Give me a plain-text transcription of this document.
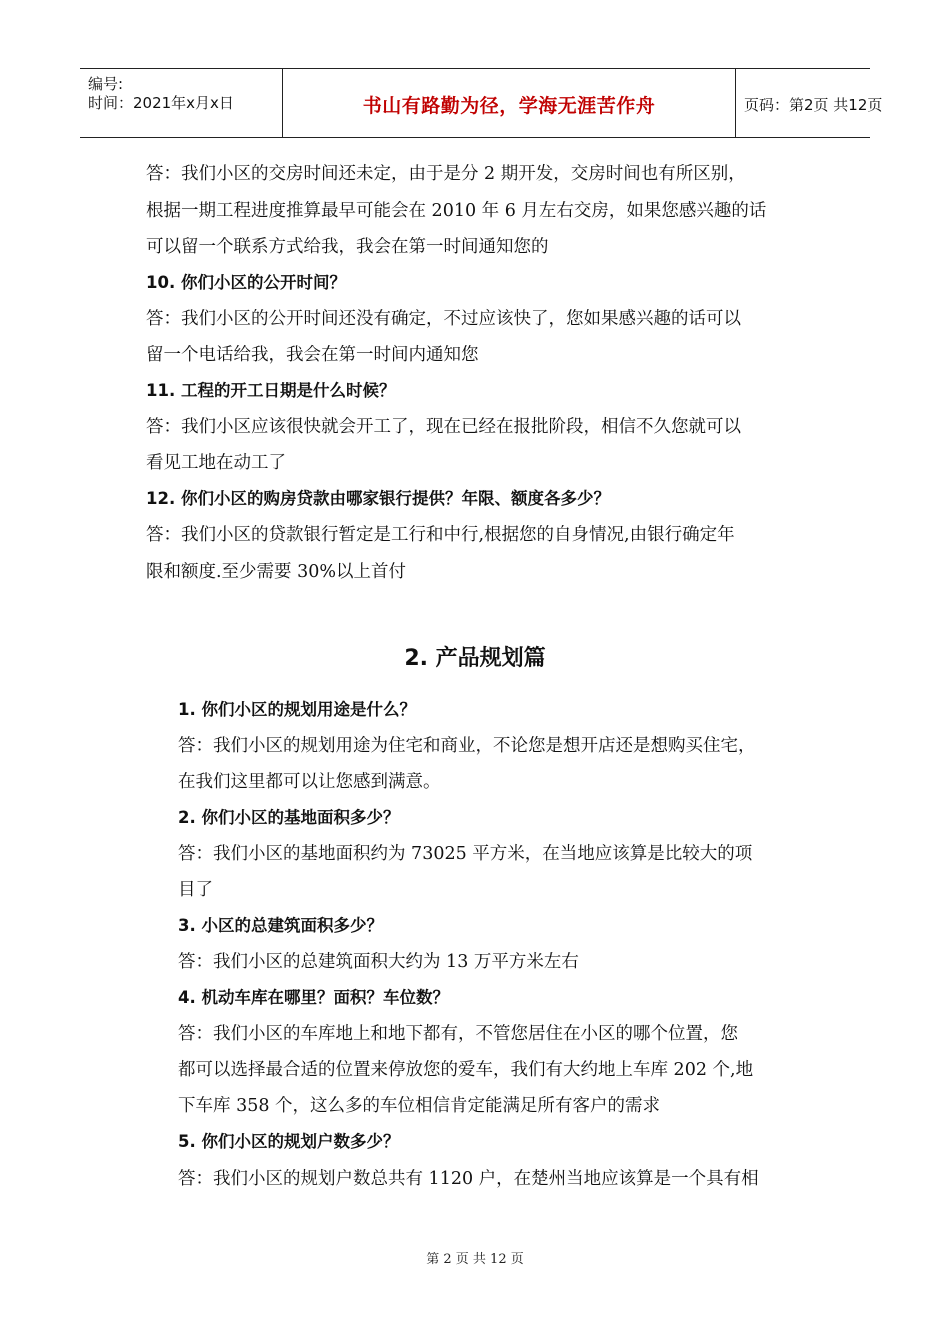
编号:
时间：2021年x月x日	书山有路勤为径，学海无涯苦作舟	页码：第2页 共12页
答：我们小区的交房时间还未定，由于是分 2 期开发，交房时间也有所区别，
根据一期工程进度推算最早可能会在 2010 年 6 月左右交房，如果您感兴趣的话
可以留一个联系方式给我，我会在第一时间通知您的
10. 你们小区的公开时间？
答：我们小区的公开时间还没有确定，不过应该快了，您如果感兴趣的话可以
留一个电话给我，我会在第一时间内通知您
11. 工程的开工日期是什么时候？
答：我们小区应该很快就会开工了，现在已经在报批阶段，相信不久您就可以
看见工地在动工了
12. 你们小区的购房贷款由哪家银行提供？年限、额度各多少？
答：我们小区的贷款银行暂定是工行和中行,根据您的自身情况,由银行确定年
限和额度.至少需要 30%以上首付
2. 产品规划篇
1. 你们小区的规划用途是什么？
答：我们小区的规划用途为住宅和商业，不论您是想开店还是想购买住宅，
在我们这里都可以让您感到满意。
2. 你们小区的基地面积多少？
答：我们小区的基地面积约为 73025 平方米，在当地应该算是比较大的项
目了
3. 小区的总建筑面积多少？
答：我们小区的总建筑面积大约为 13 万平方米左右
4. 机动车库在哪里？面积？车位数？
答：我们小区的车库地上和地下都有，不管您居住在小区的哪个位置，您
都可以选择最合适的位置来停放您的爱车，我们有大约地上车库 202 个,地
下车库 358 个，这么多的车位相信肯定能满足所有客户的需求
5. 你们小区的规划户数多少？
答：我们小区的规划户数总共有 1120 户，在楚州当地应该算是一个具有相
第 2 页 共 12 页
